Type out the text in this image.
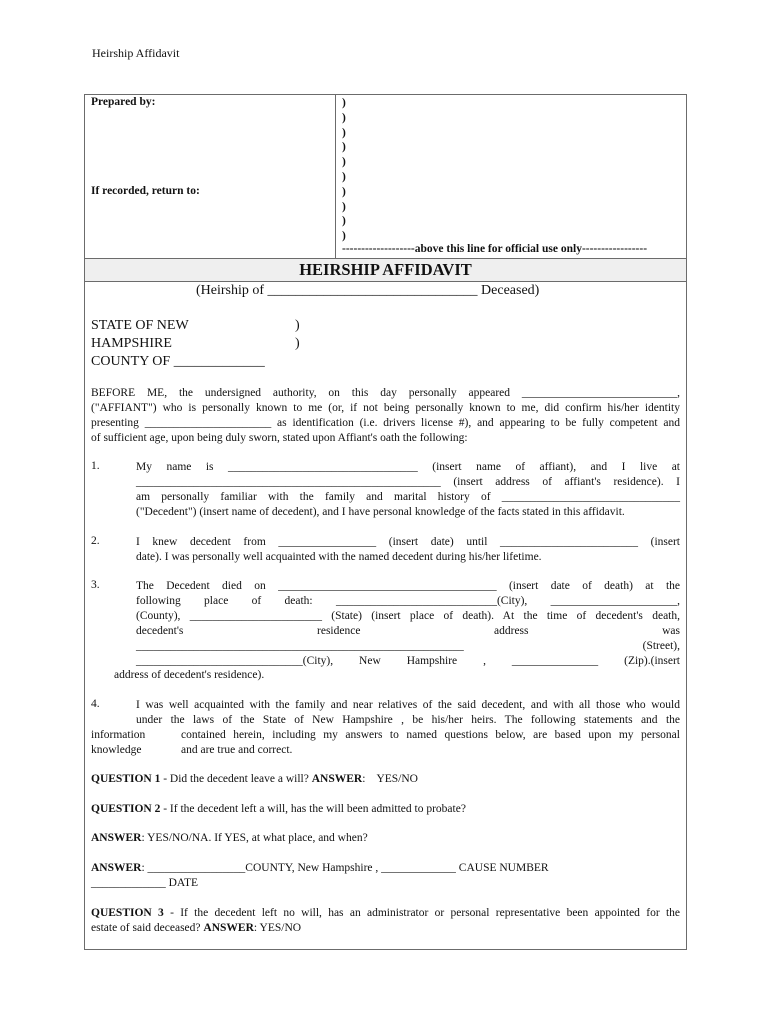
Heirship Affidavit
Prepared by:
If recorded, return to:
)
)
)
)
)
)
)
)
)
)
-------------------above this line for official use only-----------------
HEIRSHIP AFFIDAVIT
(Heirship of ______________________________ Deceased)
STATE OF NEW
HAMPSHIRE
COUNTY OF _____________
)
)
BEFORE ME, the undersigned authority, on this day personally appeared ___________________________,
("AFFIANT") who is personally known to me (or, if not being personally known to me, did confirm his/her identity
presenting ______________________ as identification (i.e. drivers license #), and appearing to be fully competent and
of sufficient age, upon being duly sworn, stated upon Affiant's oath the following:
1.	My name is _________________________________ (insert name of affiant), and I live at
_____________________________________________________ (insert address of affiant's residence). I
am personally familiar with the family and marital history of _______________________________
("Decedent") (insert name of decedent), and I have personal knowledge of the facts stated in this affidavit.
2.	I knew decedent from _________________ (insert date) until ________________________ (insert
date). I was personally well acquainted with the named decedent during his/her lifetime.
3.	The Decedent died on ______________________________________ (insert date of death) at the
following place of death: ____________________________(City), ______________________,
(County), _______________________ (State) (insert place of death). At the time of decedent's death,
decedent's residence address was
_________________________________________________________ (Street),
_____________________________(City), New Hampshire , _______________ (Zip).(insert
address of decedent's residence).
4.	I was well acquainted with the family and near relatives of the said decedent, and with all those who would
under the laws of the State of New Hampshire , be his/her heirs. The following statements and the
information	contained herein, including my answers to named questions below, are based upon my personal
knowledge	and are true and correct.
QUESTION 1 - Did the decedent leave a will? ANSWER:    YES/NO
QUESTION 2 - If the decedent left a will, has the will been admitted to probate?
ANSWER: YES/NO/NA. If YES, at what place, and when?
ANSWER: _________________COUNTY, New Hampshire , _____________ CAUSE NUMBER
_____________ DATE
QUESTION 3 - If the decedent left no will, has an administrator or personal representative been appointed for the
estate of said deceased? ANSWER: YES/NO
